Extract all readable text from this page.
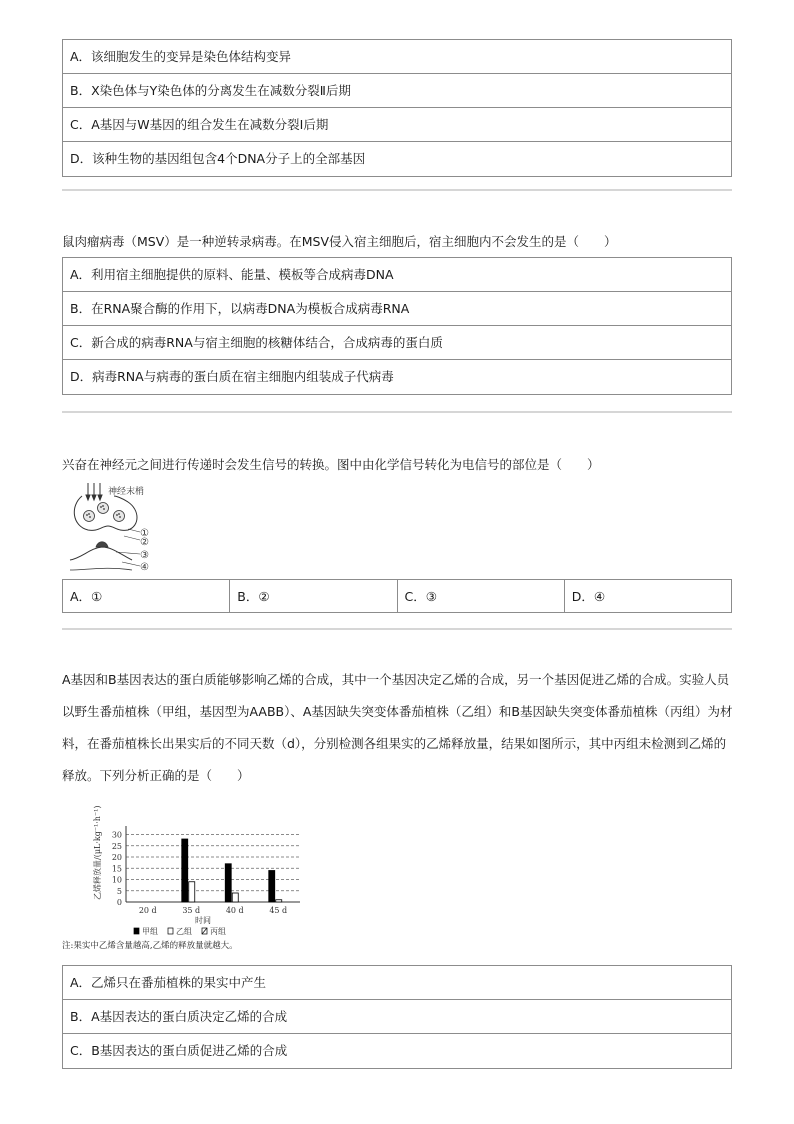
A．该细胞发生的变异是染色体结构变异
B．X染色体与Y染色体的分离发生在减数分裂Ⅱ后期
C．A基因与W基因的组合发生在减数分裂Ⅰ后期
D．该种生物的基因组包含4个DNA分子上的全部基因
鼠肉瘤病毒（MSV）是一种逆转录病毒。在MSV侵入宿主细胞后，宿主细胞内不会发生的是（　　）
A．利用宿主细胞提供的原料、能量、模板等合成病毒DNA
B．在RNA聚合酶的作用下，以病毒DNA为模板合成病毒RNA
C．新合成的病毒RNA与宿主细胞的核糖体结合，合成病毒的蛋白质
D．病毒RNA与病毒的蛋白质在宿主细胞内组装成子代病毒
兴奋在神经元之间进行传递时会发生信号的转换。图中由化学信号转化为电信号的部位是（　　）
神经末梢
①
②
③
④
A．①	B．②	C．③	D．④
A基因和B基因表达的蛋白质能够影响乙烯的合成，其中一个基因决定乙烯的合成，另一个基因促进乙烯的合成。实验人员以野生番茄植株（甲组，基因型为AABB）、A基因缺失突变体番茄植株（乙组）和B基因缺失突变体番茄植株（丙组）为材料，在番茄植株长出果实后的不同天数（d），分别检测各组果实的乙烯释放量，结果如图所示，其中丙组未检测到乙烯的释放。下列分析正确的是（　　）
乙烯释放量/(μL·kg⁻¹·h⁻¹)
0
5
10
15
20
25
30
20 d	35 d	40 d	45 d
时间
甲组 乙组 丙组
注:果实中乙烯含量越高,乙烯的释放量就越大。
A．乙烯只在番茄植株的果实中产生
B．A基因表达的蛋白质决定乙烯的合成
C．B基因表达的蛋白质促进乙烯的合成
